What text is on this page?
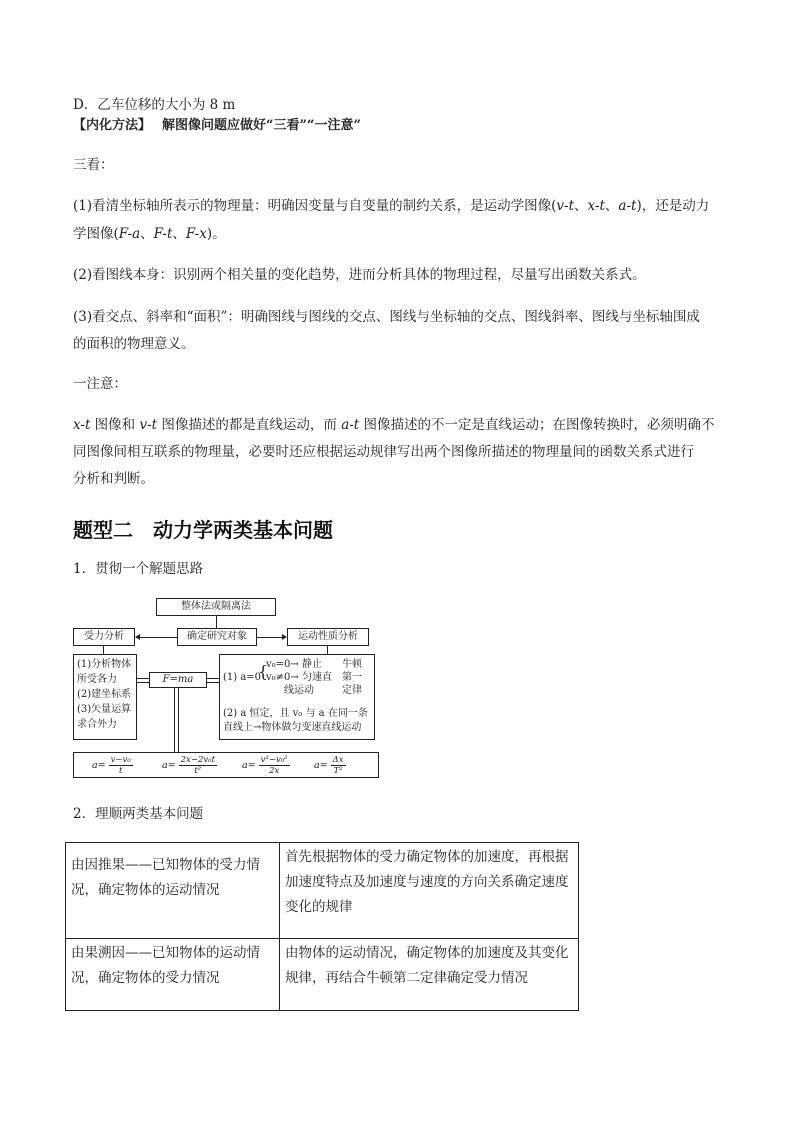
D．乙车位移的大小为 8 m

【内化方法】　 解图像问题应做好“三看”“一注意”

三看：

(1)看清坐标轴所表示的物理量：明确因变量与自变量的制约关系，是运动学图像(v-t、x-t、a-t)，还是动力

学图像(F-a、F-t、F-x)。

(2)看图线本身：识别两个相关量的变化趋势，进而分析具体的物理过程，尽量写出函数关系式。

(3)看交点、斜率和“面积”：明确图线与图线的交点、图线与坐标轴的交点、图线斜率、图线与坐标轴围成

的面积的物理意义。

一注意：

x-t 图像和 v-t 图像描述的都是直线运动，而 a-t 图像描述的不一定是直线运动；在图像转换时，必须明确不

同图像间相互联系的物理量，必要时还应根据运动规律写出两个图像所描述的物理量间的函数关系式进行

分析和判断。

题型二　动力学两类基本问题

1．贯彻一个解题思路

整体法或隔离法
受力分析	确定研究对象	运动性质分析
(1)分析物体
所受各力
(2)建坐标系
(3)矢量运算
求合外力
F=ma	(1) a=0
{
v₀=0→ 静止
v₀≠0→ 匀速直
线运动
牛顿
第一
定律
(2) a 恒定，且 v₀ 与 a 在同一条
直线上→物体做匀变速直线运动
$a= \frac{\text{v−v₀}}{t}$	$a= \frac{\text{2x−2v₀t}}{\text{t²}}$	$a= \frac{\text{v²−v₀²}}{2x}$	$a= \frac{\Delta x}{\text{T²}}$

2．理顺两类基本问题

由因推果——已知物体的受力情况，确定物体的运动情况	首先根据物体的受力确定物体的加速度，再根据加速度特点及加速度与速度的方向关系确定速度变化的规律
由果溯因——已知物体的运动情况，确定物体的受力情况	由物体的运动情况，确定物体的加速度及其变化规律，再结合牛顿第二定律确定受力情况
